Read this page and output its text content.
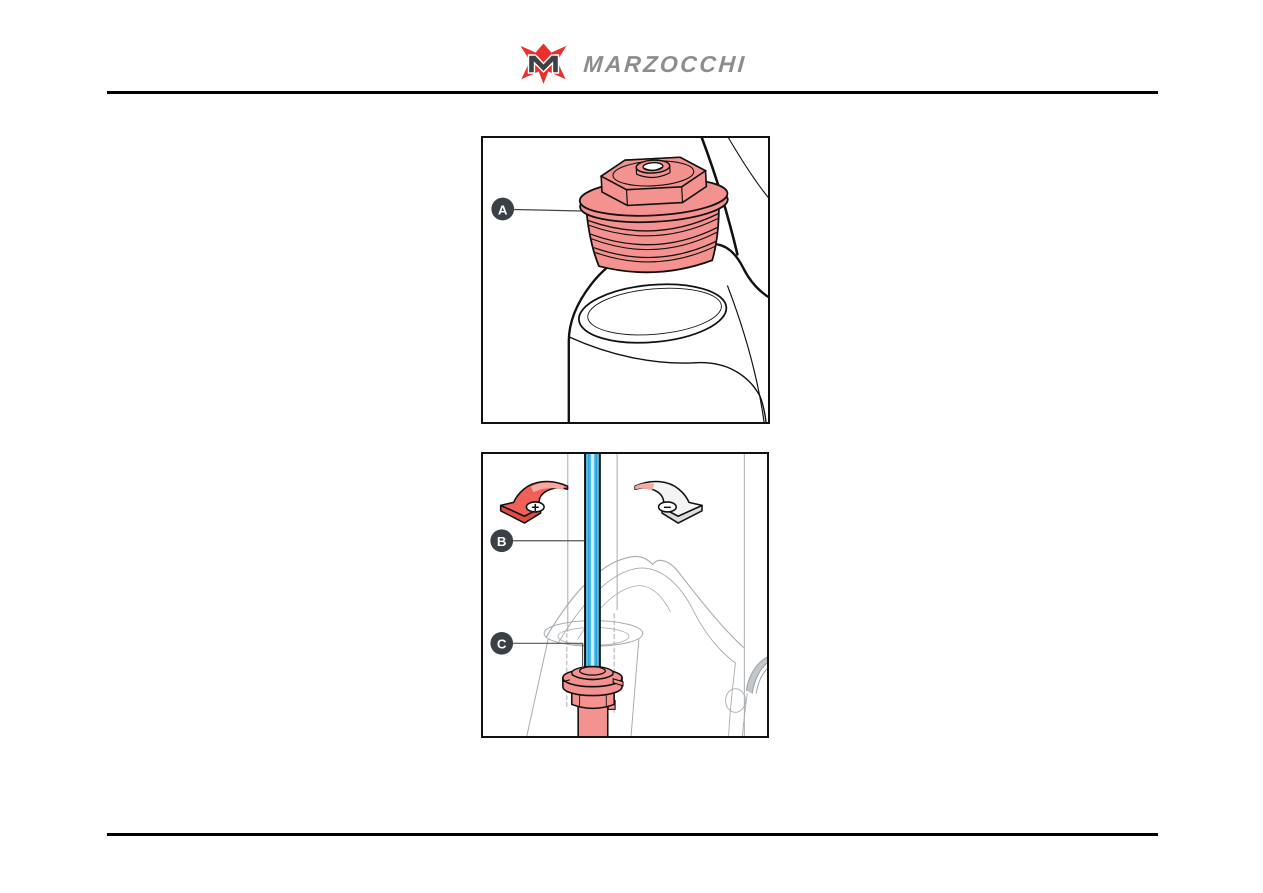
MARZOCCHI
A
+	−
B
C
